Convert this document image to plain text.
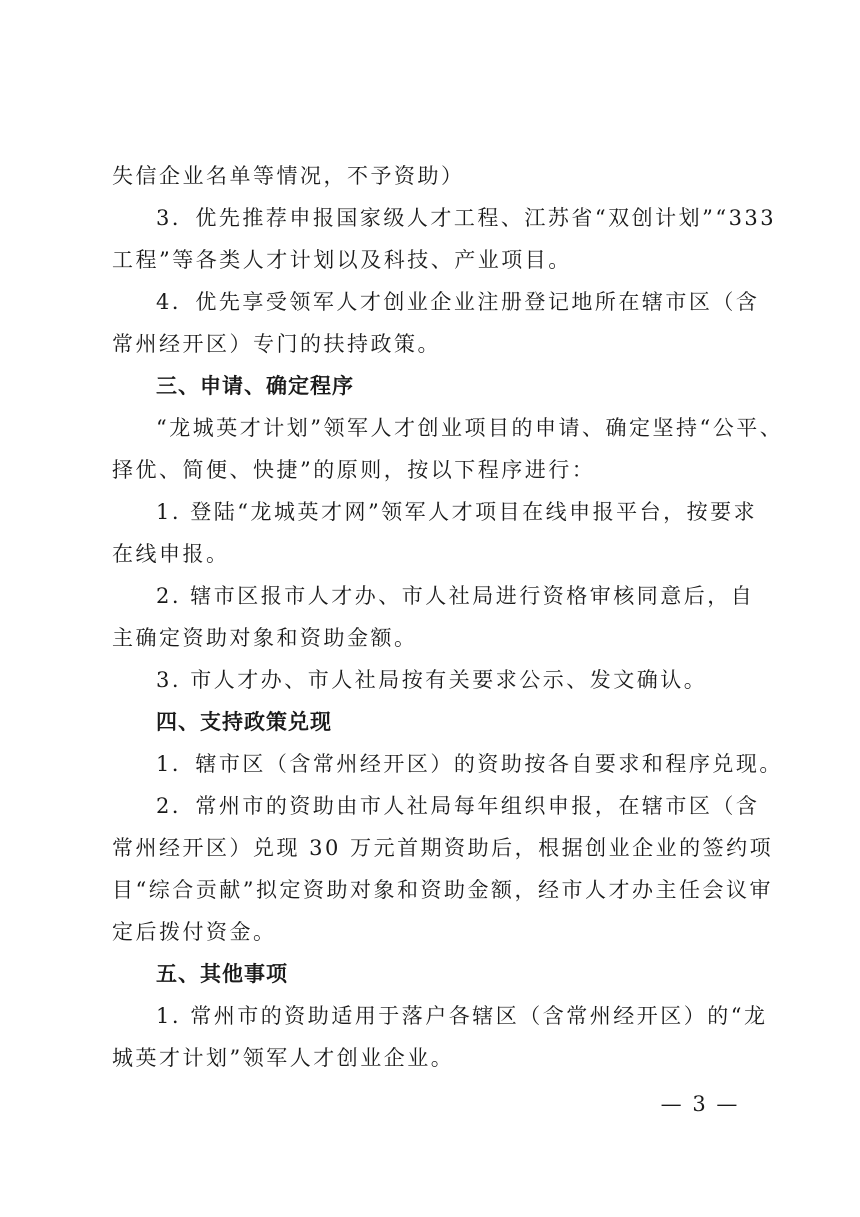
失信企业名单等情况，不予资助）
3．优先推荐申报国家级人才工程、江苏省“双创计划”“333
工程”等各类人才计划以及科技、产业项目。
4．优先享受领军人才创业企业注册登记地所在辖市区（含
常州经开区）专门的扶持政策。
三、申请、确定程序
“龙城英才计划”领军人才创业项目的申请、确定坚持“公平、
择优、简便、快捷”的原则，按以下程序进行：
1. 登陆“龙城英才网”领军人才项目在线申报平台，按要求
在线申报。
2. 辖市区报市人才办、市人社局进行资格审核同意后，自
主确定资助对象和资助金额。
3. 市人才办、市人社局按有关要求公示、发文确认。
四、支持政策兑现
1．辖市区（含常州经开区）的资助按各自要求和程序兑现。
2．常州市的资助由市人社局每年组织申报，在辖市区（含
常州经开区）兑现 30 万元首期资助后，根据创业企业的签约项
目“综合贡献”拟定资助对象和资助金额，经市人才办主任会议审
定后拨付资金。
五、其他事项
1. 常州市的资助适用于落户各辖区（含常州经开区）的“龙
城英才计划”领军人才创业企业。
— 3 —
